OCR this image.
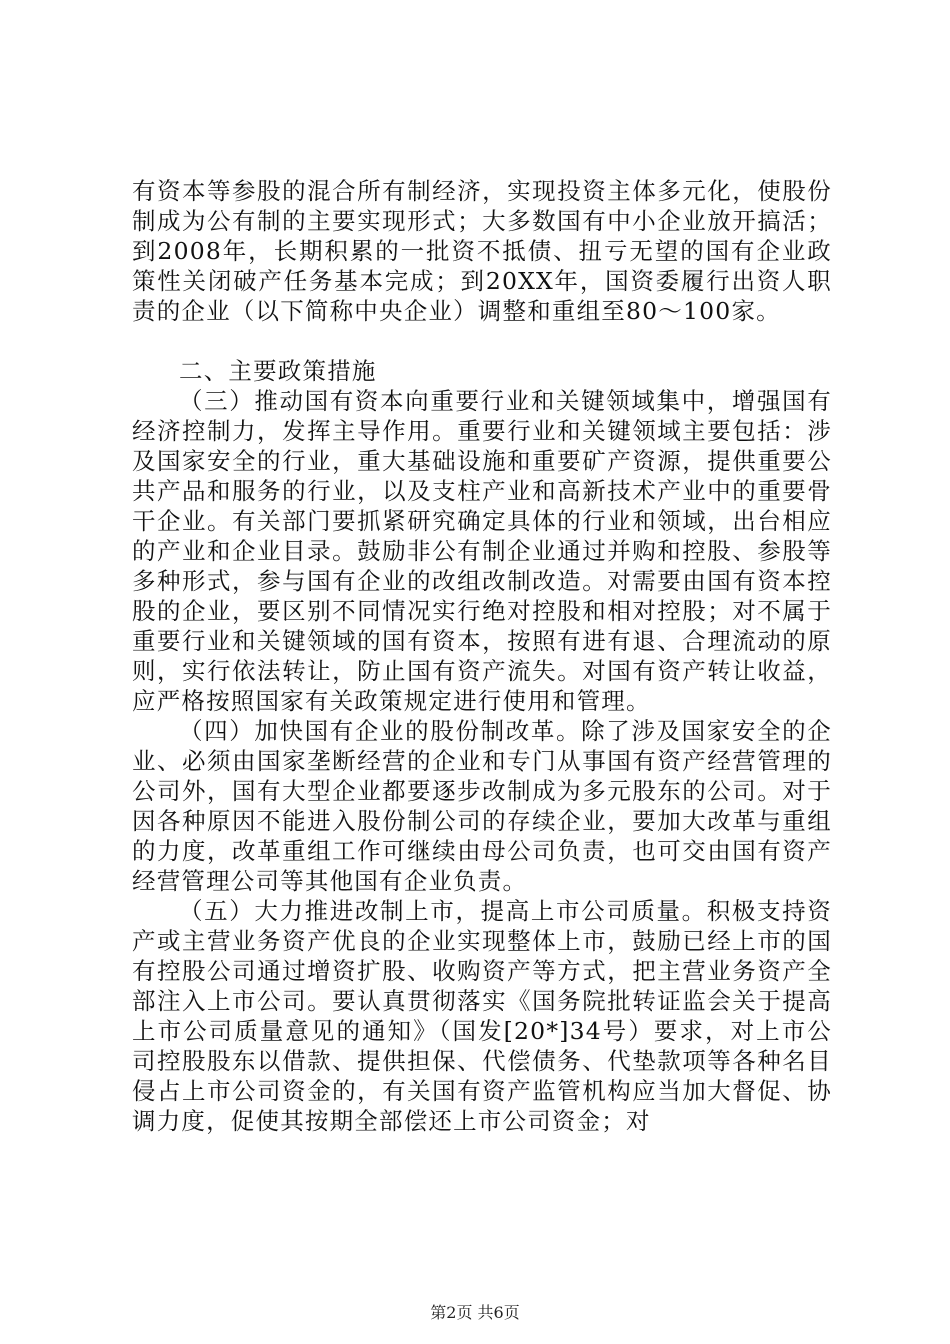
有资本等参股的混合所有制经济，实现投资主体多元化，使股份制成为公有制的主要实现形式；大多数国有中小企业放开搞活；到2008年，长期积累的一批资不抵债、扭亏无望的国有企业政策性关闭破产任务基本完成；到20XX年，国资委履行出资人职责的企业（以下简称中央企业）调整和重组至80～100家。

二、主要政策措施

（三）推动国有资本向重要行业和关键领域集中，增强国有经济控制力，发挥主导作用。重要行业和关键领域主要包括：涉及国家安全的行业，重大基础设施和重要矿产资源，提供重要公共产品和服务的行业，以及支柱产业和高新技术产业中的重要骨干企业。有关部门要抓紧研究确定具体的行业和领域，出台相应的产业和企业目录。鼓励非公有制企业通过并购和控股、参股等多种形式，参与国有企业的改组改制改造。对需要由国有资本控股的企业，要区别不同情况实行绝对控股和相对控股；对不属于重要行业和关键领域的国有资本，按照有进有退、合理流动的原则，实行依法转让，防止国有资产流失。对国有资产转让收益，应严格按照国家有关政策规定进行使用和管理。

（四）加快国有企业的股份制改革。除了涉及国家安全的企业、必须由国家垄断经营的企业和专门从事国有资产经营管理的公司外，国有大型企业都要逐步改制成为多元股东的公司。对于因各种原因不能进入股份制公司的存续企业，要加大改革与重组的力度，改革重组工作可继续由母公司负责，也可交由国有资产经营管理公司等其他国有企业负责。

（五）大力推进改制上市，提高上市公司质量。积极支持资产或主营业务资产优良的企业实现整体上市，鼓励已经上市的国有控股公司通过增资扩股、收购资产等方式，把主营业务资产全部注入上市公司。要认真贯彻落实《国务院批转证监会关于提高上市公司质量意见的通知》（国发[20*]34号）要求，对上市公司控股股东以借款、提供担保、代偿债务、代垫款项等各种名目侵占上市公司资金的，有关国有资产监管机构应当加大督促、协调力度，促使其按期全部偿还上市公司资金；对

第2页 共6页
